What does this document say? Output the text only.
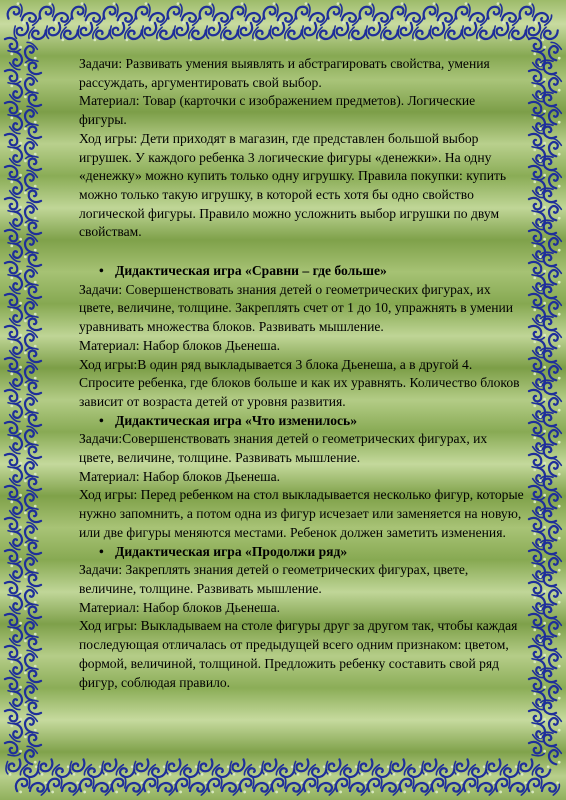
Задачи: Развивать умения выявлять и абстрагировать свойства, умения рассуждать, аргументировать свой выбор.

Материал: Товар (карточки с изображением предметов). Логические фигуры.

Ход игры: Дети приходят в магазин, где представлен большой выбор игрушек. У каждого ребенка 3 логические фигуры «денежки». На одну «денежку» можно купить только одну игрушку. Правила покупки: купить можно только такую игрушку, в которой есть хотя бы одно свойство логической фигуры. Правило можно усложнить выбор игрушки по двум свойствам.

• Дидактическая игра «Сравни – где больше»

Задачи: Совершенствовать знания детей о геометрических фигурах, их цвете, величине, толщине. Закреплять счет от 1 до 10, упражнять в умении уравнивать множества блоков. Развивать мышление.

Материал: Набор блоков Дьенеша.

Ход игры:В один ряд выкладывается 3 блока Дьенеша, а в другой 4. Спросите ребенка, где блоков больше и как их уравнять. Количество блоков зависит от возраста детей от уровня развития.

• Дидактическая игра «Что изменилось»

Задачи:Совершенствовать знания детей о геометрических фигурах, их цвете, величине, толщине. Развивать мышление.

Материал: Набор блоков Дьенеша.

Ход игры: Перед ребенком на стол выкладывается несколько фигур, которые нужно запомнить, а потом одна из фигур исчезает или заменяется на новую, или две фигуры меняются местами. Ребенок должен заметить изменения.

• Дидактическая игра «Продолжи ряд»

Задачи: Закреплять знания детей о геометрических фигурах, цвете, величине, толщине. Развивать мышление.

Материал: Набор блоков Дьенеша.

Ход игры: Выкладываем на столе фигуры друг за другом так, чтобы каждая последующая отличалась от предыдущей всего одним признаком: цветом, формой, величиной, толщиной. Предложить ребенку составить свой ряд фигур, соблюдая правило.
